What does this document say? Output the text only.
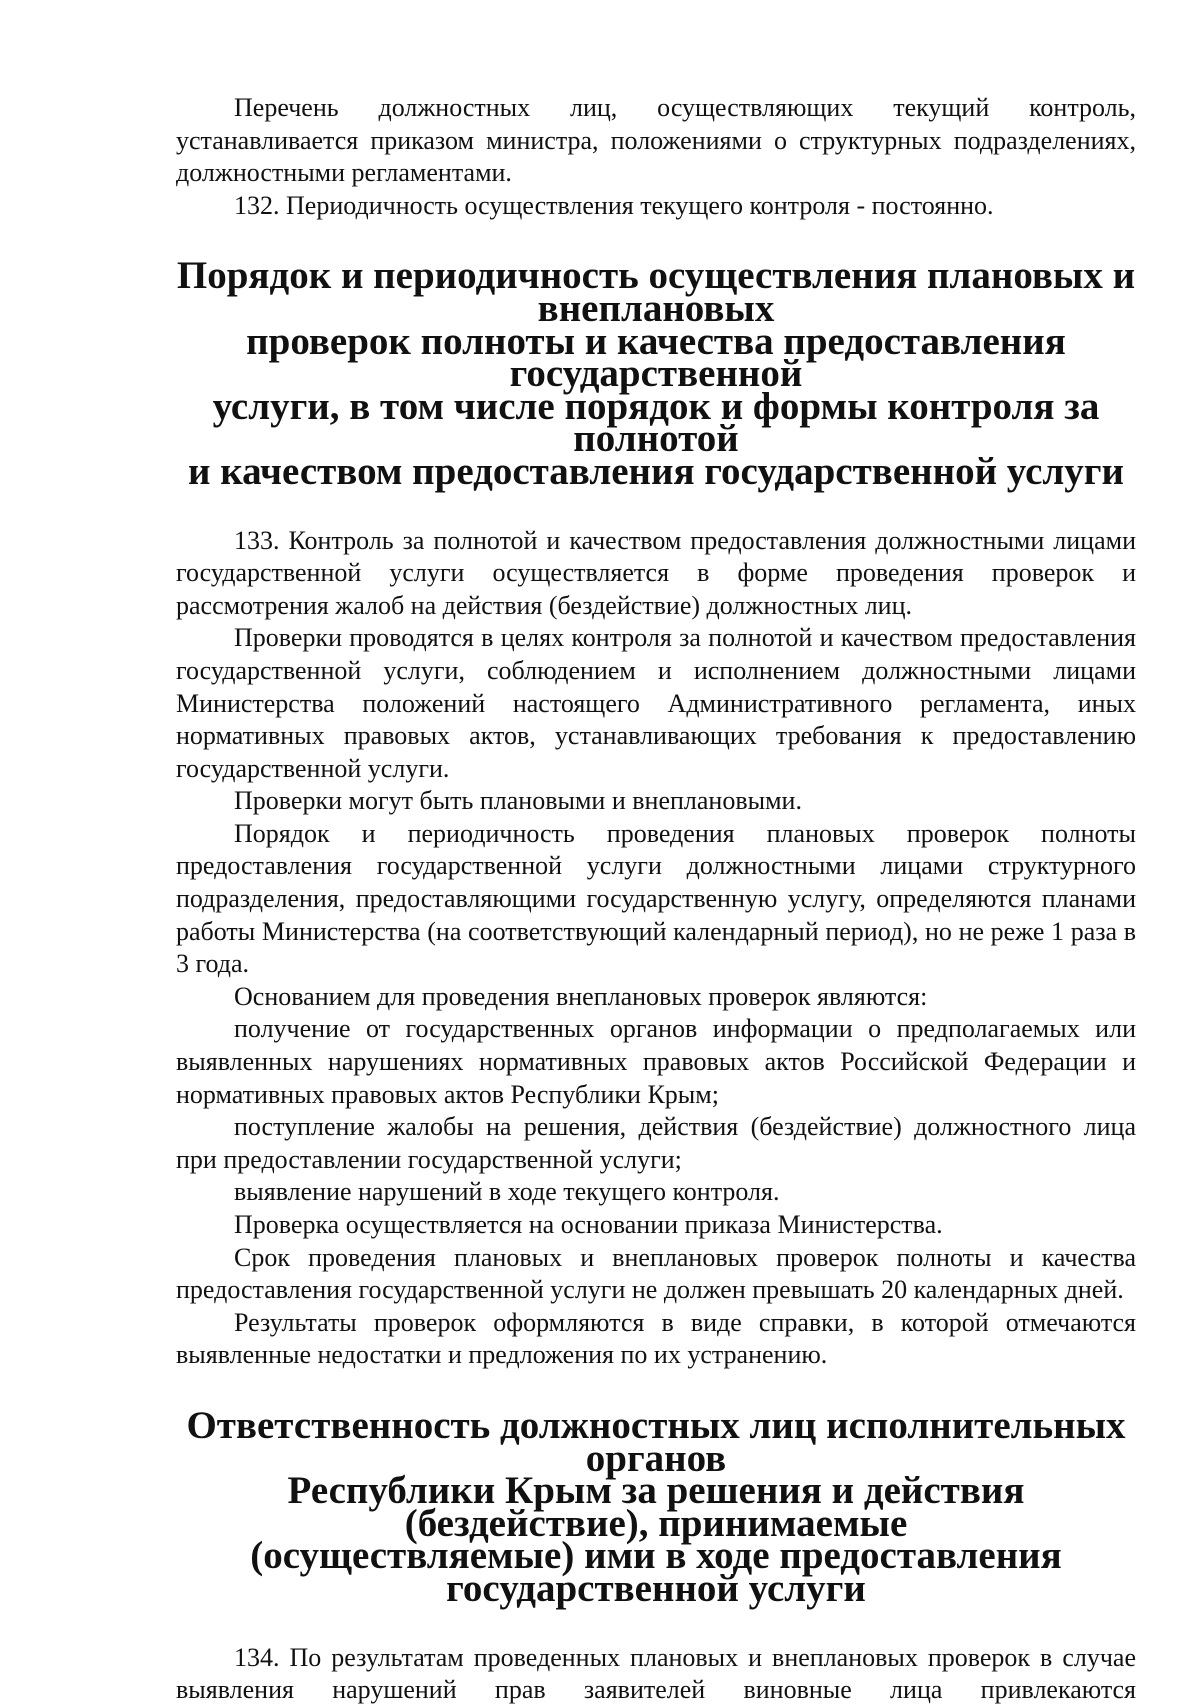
Перечень должностных лиц, осуществляющих текущий контроль, устанавливается приказом министра, положениями о структурных подразделениях, должностными регламентами.

132. Периодичность осуществления текущего контроля - постоянно.

Порядок и периодичность осуществления плановых и внеплановых
проверок полноты и качества предоставления государственной
услуги, в том числе порядок и формы контроля за полнотой
и качеством предоставления государственной услуги

133. Контроль за полнотой и качеством предоставления должностными лицами государственной услуги осуществляется в форме проведения проверок и рассмотрения жалоб на действия (бездействие) должностных лиц.

Проверки проводятся в целях контроля за полнотой и качеством предоставления государственной услуги, соблюдением и исполнением должностными лицами Министерства положений настоящего Административного регламента, иных нормативных правовых актов, устанавливающих требования к предоставлению государственной услуги.

Проверки могут быть плановыми и внеплановыми.

Порядок и периодичность проведения плановых проверок полноты предоставления государственной услуги должностными лицами структурного подразделения, предоставляющими государственную услугу, определяются планами работы Министерства (на соответствующий календарный период), но не реже 1 раза в 3 года.

Основанием для проведения внеплановых проверок являются:

получение от государственных органов информации о предполагаемых или выявленных нарушениях нормативных правовых актов Российской Федерации и нормативных правовых актов Республики Крым;

поступление жалобы на решения, действия (бездействие) должностного лица при предоставлении государственной услуги;

выявление нарушений в ходе текущего контроля.

Проверка осуществляется на основании приказа Министерства.

Срок проведения плановых и внеплановых проверок полноты и качества предоставления государственной услуги не должен превышать 20 календарных дней.

Результаты проверок оформляются в виде справки, в которой отмечаются выявленные недостатки и предложения по их устранению.

Ответственность должностных лиц исполнительных органов
Республики Крым за решения и действия (бездействие), принимаемые
(осуществляемые) ими в ходе предоставления
государственной услуги

134. По результатам проведенных плановых и внеплановых проверок в случае выявления нарушений прав заявителей виновные лица привлекаются
